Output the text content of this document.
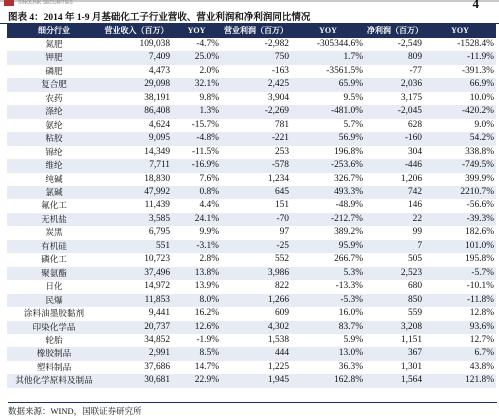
SINOLINK SECURITIES	4
图表 4：2014 年 1-9 月基础化工子行业营收、营业利润和净利润同比情况
细分行业	营业收入（百万）	YOY	营业利润（百万）	YOY	净利润（百万）	YOY
氮肥	109,038	-4.7%	-2,982	-305344.6%	-2,549	-1528.4%
钾肥	7,409	25.0%	750	1.7%	809	-11.9%
磷肥	4,473	2.0%	-163	-3561.5%	-77	-391.3%
复合肥	29,098	32.1%	2,425	65.9%	2,036	66.9%
农药	38,191	9.8%	3,904	9.5%	3,175	10.0%
涤纶	86,408	1.3%	-2,269	-481.0%	-2,045	-420.2%
氨纶	4,624	-15.7%	781	5.7%	628	9.0%
粘胶	9,095	-4.8%	-221	56.9%	-160	54.2%
锦纶	14,349	-11.5%	253	196.8%	304	338.8%
维纶	7,711	-16.9%	-578	-253.6%	-446	-749.5%
纯碱	18,830	7.6%	1,234	326.7%	1,206	399.9%
氯碱	47,992	0.8%	645	493.3%	742	2210.7%
氟化工	11,439	4.4%	151	-48.9%	146	-56.6%
无机盐	3,585	24.1%	-70	-212.7%	22	-39.3%
炭黑	6,795	9.9%	97	389.2%	99	182.6%
有机硅	551	-3.1%	-25	95.9%	7	101.0%
磷化工	10,723	2.8%	552	266.7%	505	195.8%
聚氨酯	37,496	13.8%	3,986	5.3%	2,523	-5.7%
日化	14,972	13.9%	822	-13.3%	680	-10.1%
民爆	11,853	8.0%	1,266	-5.3%	850	-11.8%
涂料油墨胶黏剂	9,441	16.2%	609	16.0%	559	12.8%
印染化学品	20,737	12.6%	4,302	83.7%	3,208	93.6%
轮胎	34,852	-1.9%	1,538	5.9%	1,151	12.7%
橡胶制品	2,991	8.5%	444	13.0%	367	6.7%
塑料制品	37,686	14.7%	1,225	36.3%	1,301	43.8%
其他化学原料及制品	30,681	22.9%	1,945	162.8%	1,564	121.8%
数据来源：WIND，国联证券研究所
